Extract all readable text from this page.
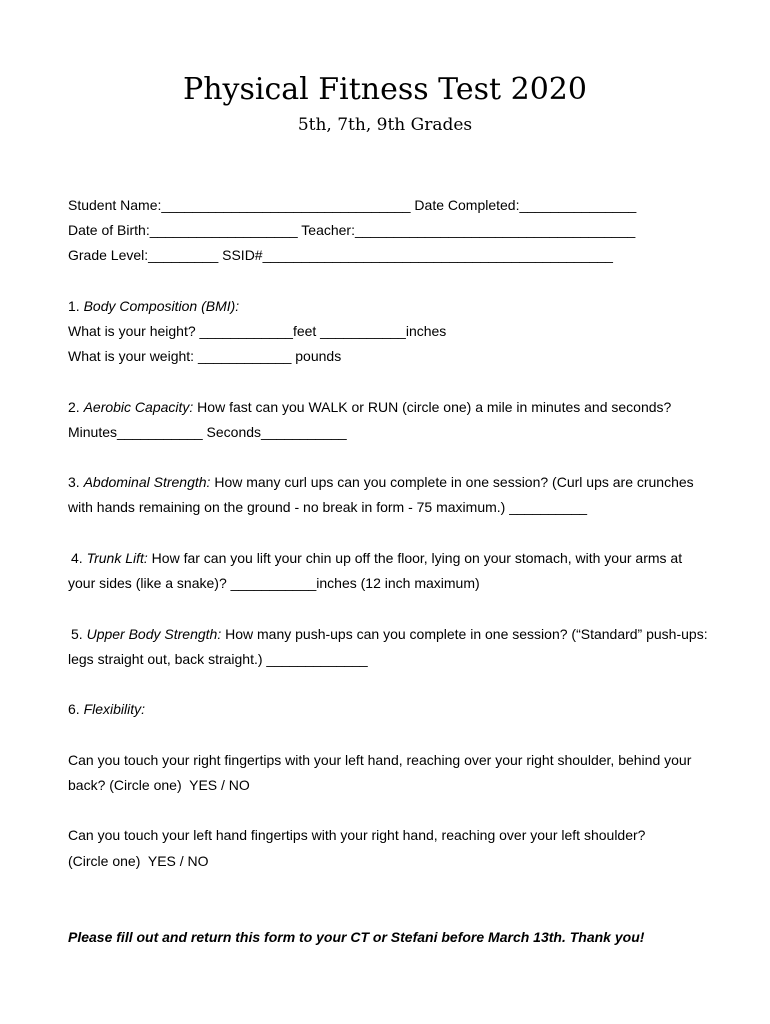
Physical Fitness Test 2020
5th, 7th, 9th Grades
Student Name:________________________________ Date Completed:_______________
Date of Birth:___________________ Teacher:____________________________________
Grade Level:_________ SSID#_____________________________________________
1. Body Composition (BMI):
What is your height? ____________feet ___________inches
What is your weight: ____________ pounds
2. Aerobic Capacity: How fast can you WALK or RUN (circle one) a mile in minutes and seconds?
Minutes___________ Seconds___________
3. Abdominal Strength: How many curl ups can you complete in one session? (Curl ups are crunches
with hands remaining on the ground - no break in form - 75 maximum.) __________
4. Trunk Lift: How far can you lift your chin up off the floor, lying on your stomach, with your arms at
your sides (like a snake)? ___________inches (12 inch maximum)
5. Upper Body Strength: How many push-ups can you complete in one session? (“Standard” push-ups:
legs straight out, back straight.) _____________
6. Flexibility:
Can you touch your right fingertips with your left hand, reaching over your right shoulder, behind your
back? (Circle one)  YES / NO
Can you touch your left hand fingertips with your right hand, reaching over your left shoulder?
(Circle one)  YES / NO
Please fill out and return this form to your CT or Stefani before March 13th. Thank you!
